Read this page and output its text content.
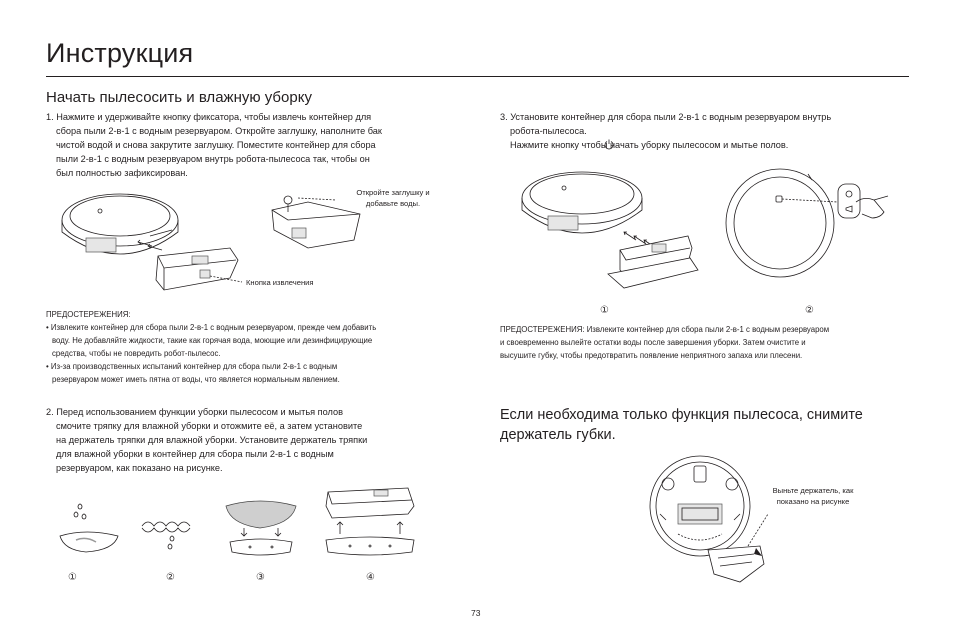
Инструкция
Начать пылесосить и влажную уборку
1. Нажмите и удерживайте кнопку фиксатора, чтобы извлечь контейнер для
сбора пыли 2-в-1 с водным резервуаром. Откройте заглушку, наполните бак
чистой водой и снова закрутите заглушку. Поместите контейнер для сбора
пыли 2-в-1 с водным резервуаром внутрь робота-пылесоса так, чтобы он
был полностью зафиксирован.
Откройте заглушку и
добавьте воды.
Кнопка извлечения
ПРЕДОСТЕРЕЖЕНИЯ:
• Извлеките контейнер для сбора пыли 2-в-1 с водным резервуаром, прежде чем добавить
воду. Не добавляйте жидкости, такие как горячая вода, моющие или дезинфицирующие
средства, чтобы не повредить робот-пылесос.
• Из-за производственных испытаний контейнер для сбора пыли 2-в-1 с водным
резервуаром может иметь пятна от воды, что является нормальным явлением.
2. Перед использованием функции уборки пылесосом и мытья полов
смочите тряпку для влажной уборки и отожмите её, а затем установите
на держатель тряпки для влажной уборки. Установите держатель тряпки
для влажной уборки в контейнер для сбора пыли 2-в-1 с водным
резервуаром, как показано на рисунке.
①	②	③	④
3. Установите контейнер для сбора пыли 2-в-1 с водным резервуаром внутрь
робота-пылесоса.
Нажмите кнопку чтобы начать уборку пылесосом и мытье полов.
①	②
ПРЕДОСТЕРЕЖЕНИЯ: Извлеките контейнер для сбора пыли 2-в-1 с водным резервуаром
и своевременно вылейте остатки воды после завершения уборки. Затем очистите и
высушите губку, чтобы предотвратить появление неприятного запаха или плесени.
Если необходима только функция пылесоса, снимите
держатель губки.
Выньте держатель, как
показано на рисунке
73
